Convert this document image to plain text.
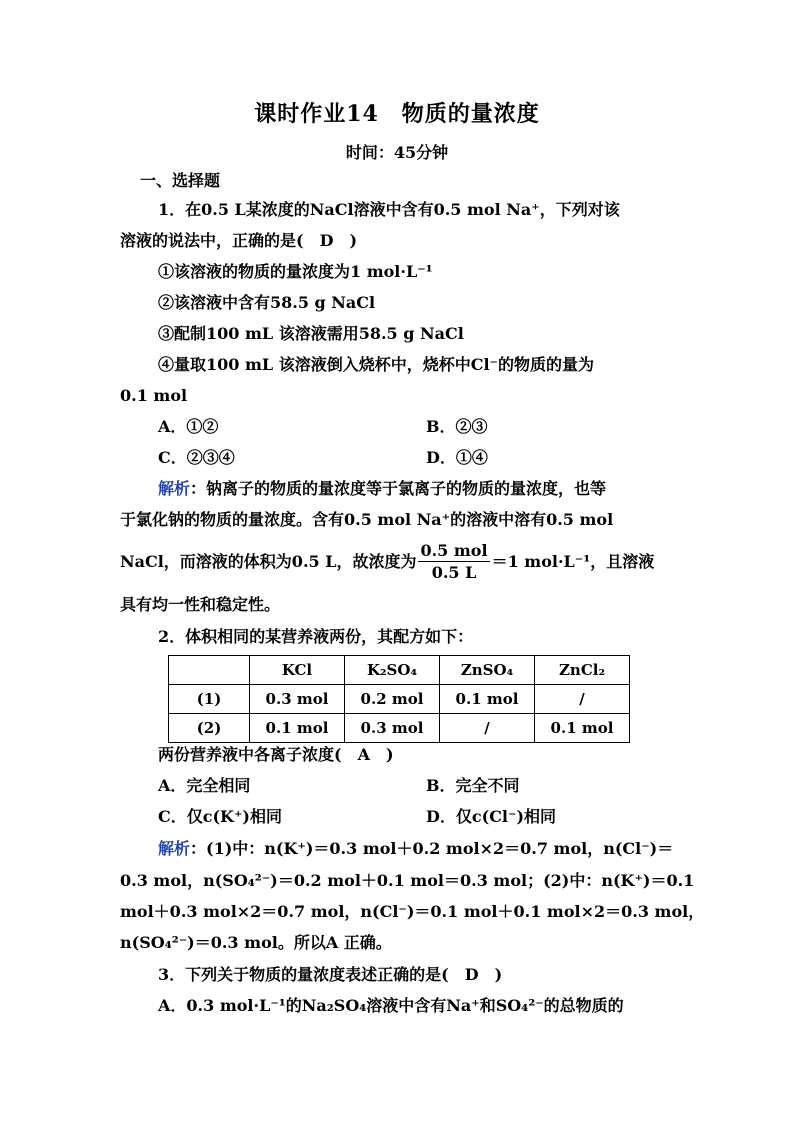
课时作业14　物质的量浓度
时间：45分钟
一、选择题
1．在0.5 L某浓度的NaCl溶液中含有0.5 mol Na⁺，下列对该
溶液的说法中，正确的是(　D　)
①该溶液的物质的量浓度为1 mol·L⁻¹
②该溶液中含有58.5 g NaCl
③配制100 mL 该溶液需用58.5 g NaCl
④量取100 mL 该溶液倒入烧杯中，烧杯中Cl⁻的物质的量为
0.1 mol
A．①②	B．②③
C．②③④	D．①④
解析：钠离子的物质的量浓度等于氯离子的物质的量浓度，也等
于氯化钠的物质的量浓度。含有0.5 mol Na⁺的溶液中溶有0.5 mol
NaCl，而溶液的体积为0.5 L，故浓度为 $\frac{\text{0.5 mol}}{0.5 L} =1$ mol·L⁻¹，且溶液
具有均一性和稳定性。
2．体积相同的某营养液两份，其配方如下：
	KCl	K₂SO₄	ZnSO₄	ZnCl₂
(1)	0.3 mol	0.2 mol	0.1 mol	/
(2)	0.1 mol	0.3 mol	/	0.1 mol
两份营养液中各离子浓度(　A　)
A．完全相同	B．完全不同
C．仅c(K⁺)相同	D．仅c(Cl⁻)相同
解析：(1)中：n(K⁺)＝0.3 mol＋0.2 mol×2＝0.7 mol，n(Cl⁻)＝
0.3 mol，n(SO₄²⁻)＝0.2 mol＋0.1 mol＝0.3 mol；(2)中：n(K⁺)＝0.1
mol＋0.3 mol×2＝0.7 mol，n(Cl⁻)＝0.1 mol＋0.1 mol×2＝0.3 mol，
n(SO₄²⁻)＝0.3 mol。所以A 正确。
3．下列关于物质的量浓度表述正确的是(　D　)
A．0.3 mol·L⁻¹的Na₂SO₄溶液中含有Na⁺和SO₄²⁻的总物质的
